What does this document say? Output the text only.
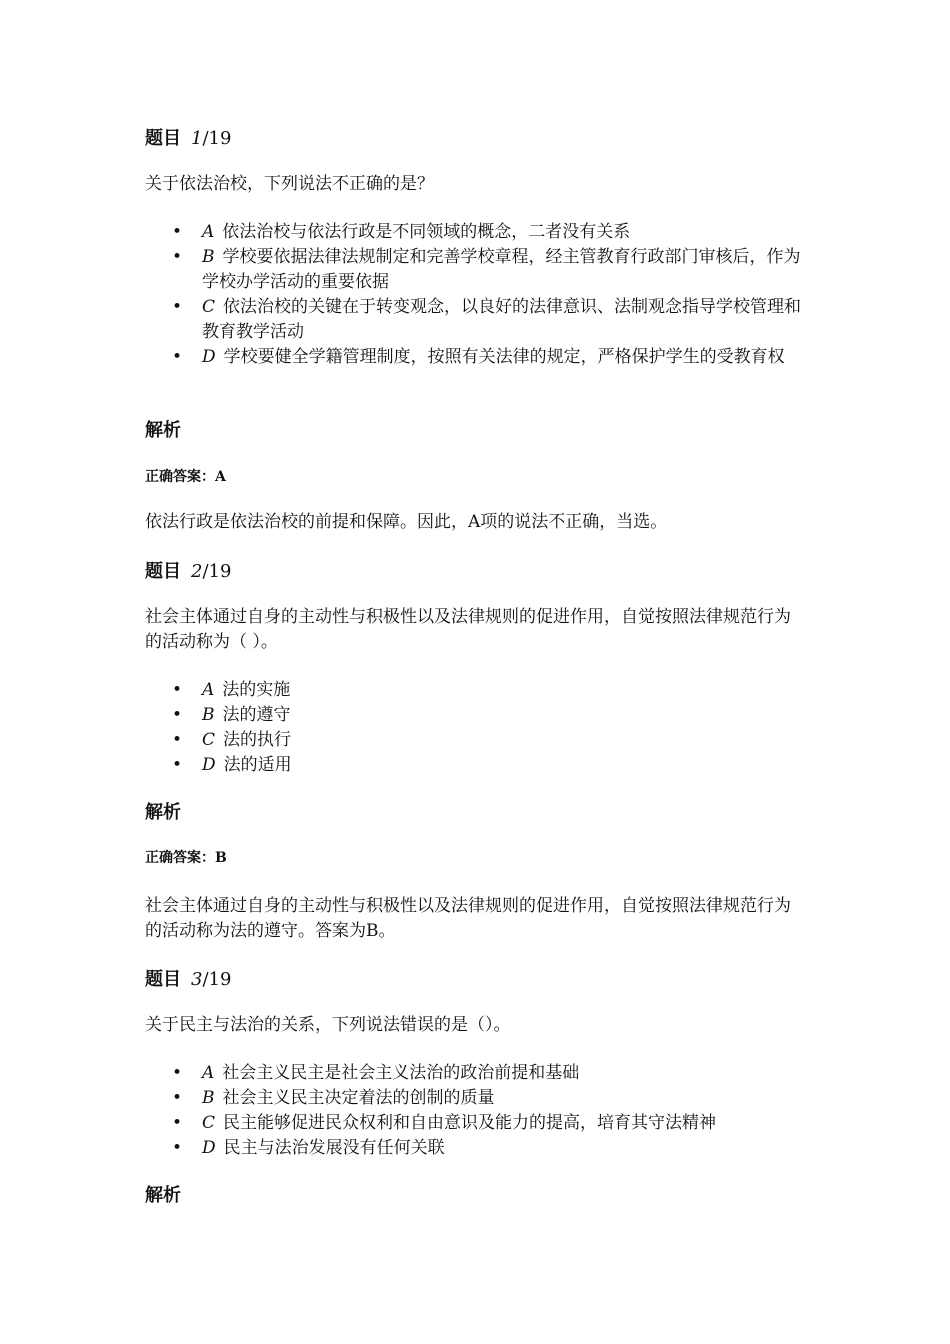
题目 1/19

关于依法治校，下列说法不正确的是？

• A 依法治校与依法行政是不同领域的概念，二者没有关系
• B 学校要依据法律法规制定和完善学校章程，经主管教育行政部门审核后，作为学校办学活动的重要依据
• C 依法治校的关键在于转变观念，以良好的法律意识、法制观念指导学校管理和教育教学活动
• D 学校要健全学籍管理制度，按照有关法律的规定，严格保护学生的受教育权

解析

正确答案：A

依法行政是依法治校的前提和保障。因此，A项的说法不正确，当选。

题目 2/19

社会主体通过自身的主动性与积极性以及法律规则的促进作用，自觉按照法律规范行为的活动称为（ ）。

• A 法的实施
• B 法的遵守
• C 法的执行
• D 法的适用

解析

正确答案：B

社会主体通过自身的主动性与积极性以及法律规则的促进作用，自觉按照法律规范行为的活动称为法的遵守。答案为B。

题目 3/19

关于民主与法治的关系，下列说法错误的是（）。

• A 社会主义民主是社会主义法治的政治前提和基础
• B 社会主义民主决定着法的创制的质量
• C 民主能够促进民众权利和自由意识及能力的提高，培育其守法精神
• D 民主与法治发展没有任何关联

解析
